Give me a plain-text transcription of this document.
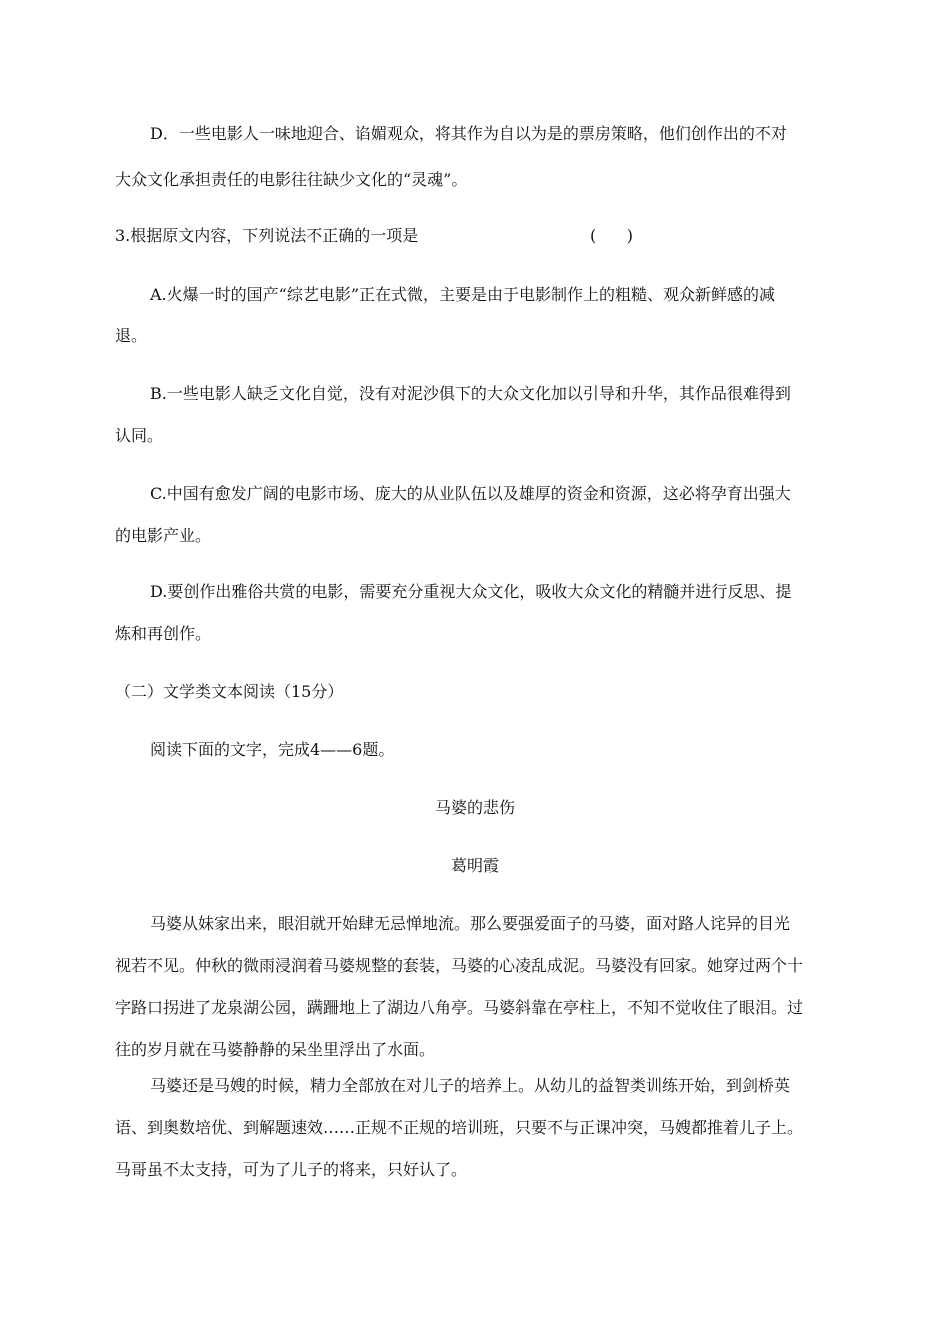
D．一些电影人一味地迎合、谄媚观众，将其作为自以为是的票房策略，他们创作出的不对
大众文化承担责任的电影往往缺少文化的“灵魂”。
3.根据原文内容，下列说法不正确的一项是	(      )
A.火爆一时的国产“综艺电影”正在式微，主要是由于电影制作上的粗糙、观众新鲜感的减
退。
B.一些电影人缺乏文化自觉，没有对泥沙俱下的大众文化加以引导和升华，其作品很难得到
认同。
C.中国有愈发广阔的电影市场、庞大的从业队伍以及雄厚的资金和资源，这必将孕育出强大
的电影产业。
D.要创作出雅俗共赏的电影，需要充分重视大众文化，吸收大众文化的精髓并进行反思、提
炼和再创作。
（二）文学类文本阅读（15分）
阅读下面的文字，完成4——6题。
马婆的悲伤
葛明霞
马婆从妹家出来，眼泪就开始肆无忌惮地流。那么要强爱面子的马婆，面对路人诧异的目光
视若不见。仲秋的微雨浸润着马婆规整的套装，马婆的心凌乱成泥。马婆没有回家。她穿过两个十
字路口拐进了龙泉湖公园，蹒跚地上了湖边八角亭。马婆斜靠在亭柱上，不知不觉收住了眼泪。过
往的岁月就在马婆静静的呆坐里浮出了水面。
马婆还是马嫂的时候，精力全部放在对儿子的培养上。从幼儿的益智类训练开始，到剑桥英
语、到奥数培优、到解题速效……正规不正规的培训班，只要不与正课冲突，马嫂都推着儿子上。
马哥虽不太支持，可为了儿子的将来，只好认了。
